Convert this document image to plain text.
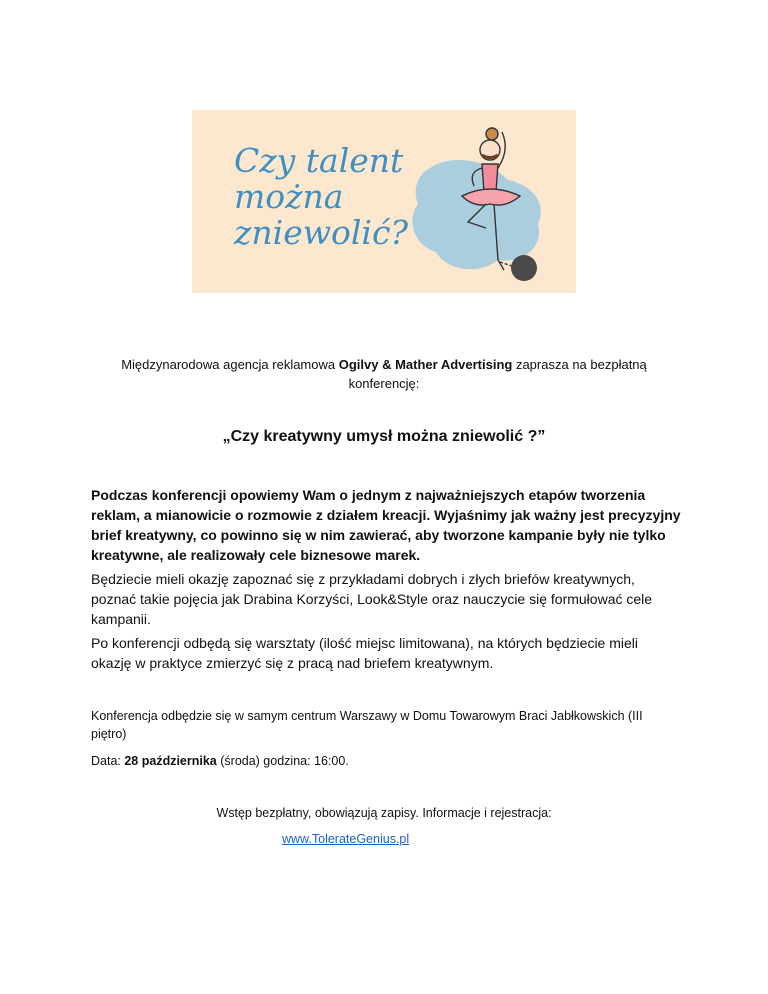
Czy talent
można
zniewolić?
Międzynarodowa agencja reklamowa Ogilvy & Mather Advertising zaprasza na bezpłatną konferencję:
„Czy kreatywny umysł można zniewolić ?”

Podczas konferencji opowiemy Wam o jednym z najważniejszych etapów tworzenia reklam, a mianowicie o rozmowie z działem kreacji. Wyjaśnimy jak ważny jest precyzyjny brief kreatywny, co powinno się w nim zawierać, aby tworzone kampanie były nie tylko kreatywne, ale realizowały cele biznesowe marek.

Będziecie mieli okazję zapoznać się z przykładami dobrych i złych briefów kreatywnych, poznać takie pojęcia jak Drabina Korzyści, Look&Style oraz nauczycie się formułować cele kampanii.

Po konferencji odbędą się warsztaty (ilość miejsc limitowana), na których będziecie mieli okazję w praktyce zmierzyć się z pracą nad briefem kreatywnym.

Konferencja odbędzie się w samym centrum Warszawy w Domu Towarowym Braci Jabłkowskich (III piętro)

Data: 28 października (środa) godzina: 16:00.

Wstęp bezpłatny, obowiązują zapisy. Informacje i rejestracja:
www.TolerateGenius.pl
